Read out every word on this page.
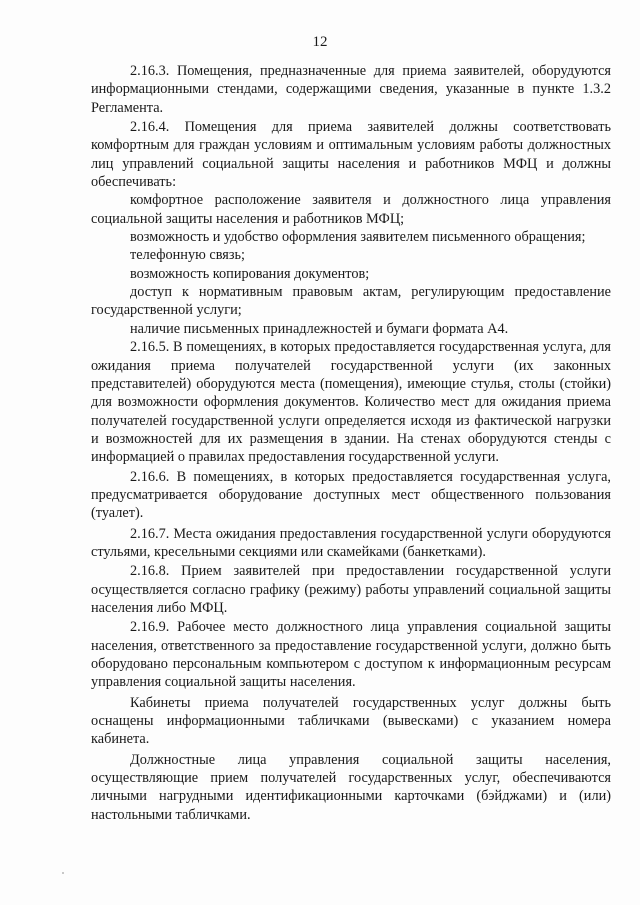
12

2.16.3. Помещения, предназначенные для приема заявителей, оборудуются информационными стендами, содержащими сведения, указанные в пункте 1.3.2 Регламента.

2.16.4. Помещения для приема заявителей должны соответствовать комфортным для граждан условиям и оптимальным условиям работы должностных лиц управлений социальной защиты населения и работников МФЦ и должны обеспечивать:

комфортное расположение заявителя и должностного лица управления социальной защиты населения и работников МФЦ;

возможность и удобство оформления заявителем письменного обращения;

телефонную связь;

возможность копирования документов;

доступ к нормативным правовым актам, регулирующим предоставление государственной услуги;

наличие письменных принадлежностей и бумаги формата А4.

2.16.5. В помещениях, в которых предоставляется государственная услуга, для ожидания приема получателей государственной услуги (их законных представителей) оборудуются места (помещения), имеющие стулья, столы (стойки) для возможности оформления документов. Количество мест для ожидания приема получателей государственной услуги определяется исходя из фактической нагрузки и возможностей для их размещения в здании. На стенах оборудуются стенды с информацией о правилах предоставления государственной услуги.

2.16.6. В помещениях, в которых предоставляется государственная услуга, предусматривается оборудование доступных мест общественного пользования (туалет).

2.16.7. Места ожидания предоставления государственной услуги оборудуются стульями, кресельными секциями или скамейками (банкетками).

2.16.8. Прием заявителей при предоставлении государственной услуги осуществляется согласно графику (режиму) работы управлений социальной защиты населения либо МФЦ.

2.16.9. Рабочее место должностного лица управления социальной защиты населения, ответственного за предоставление государственной услуги, должно быть оборудовано персональным компьютером с доступом к информационным ресурсам управления социальной защиты населения.

Кабинеты приема получателей государственных услуг должны быть оснащены информационными табличками (вывесками) с указанием номера кабинета.

Должностные лица управления социальной защиты населения, осуществляющие прием получателей государственных услуг, обеспечиваются личными нагрудными идентификационными карточками (бэйджами) и (или) настольными табличками.
